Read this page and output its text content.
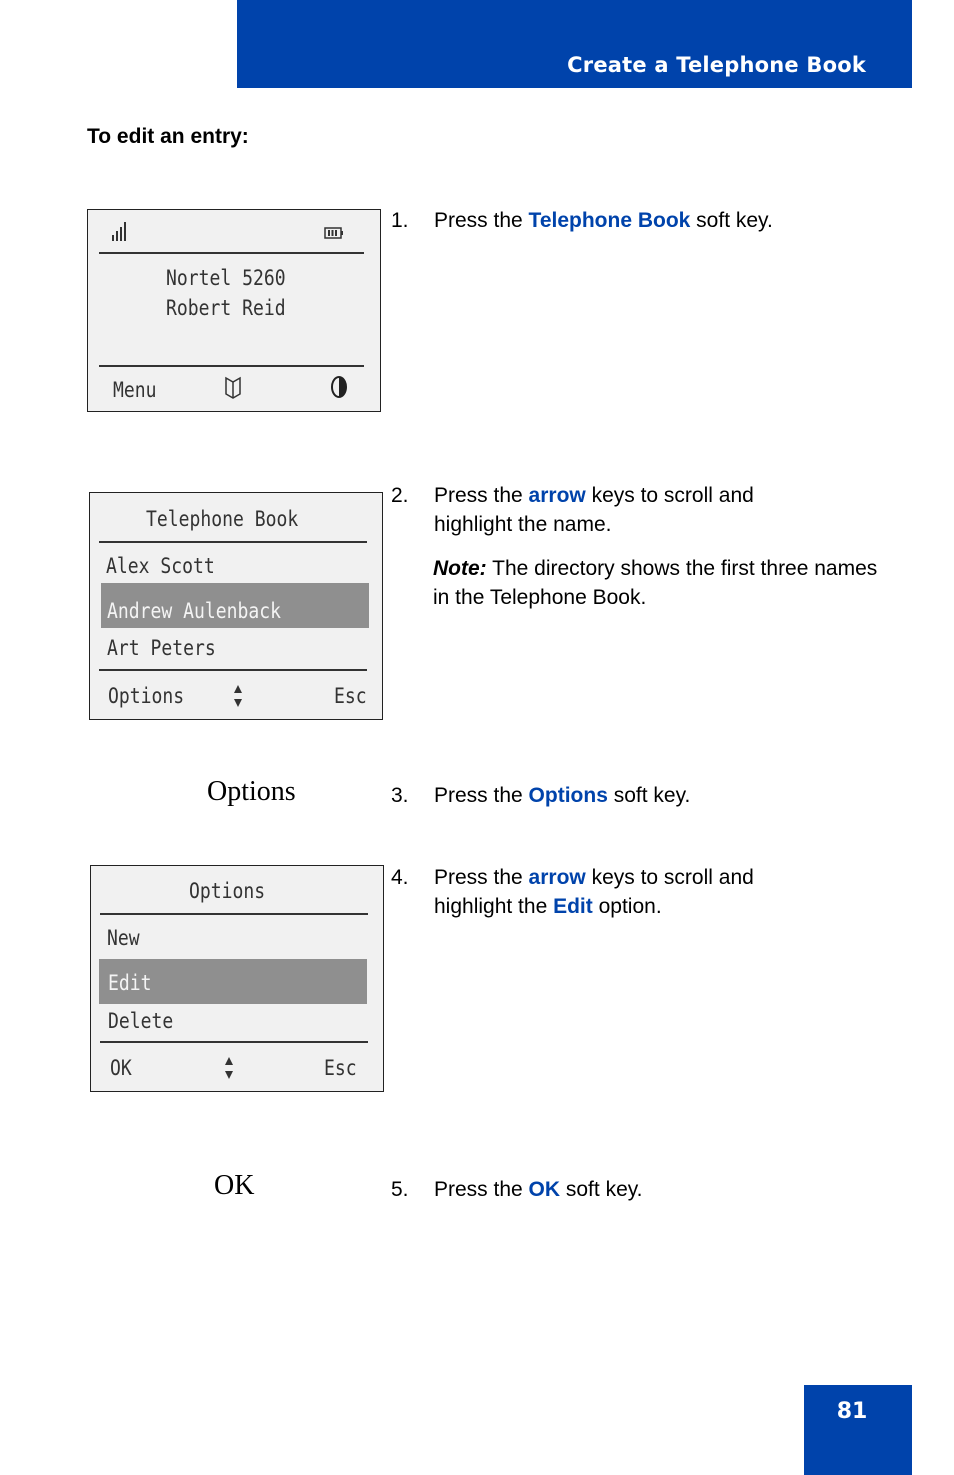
Create a Telephone Book
To edit an entry:
Nortel 5260
Robert Reid
Menu
1. Press the Telephone Book soft key.
Telephone Book
Alex Scott
Andrew Aulenback
Art Peters
Options	Esc
2. Press the arrow keys to scroll and highlight the name.
Note: The directory shows the first three names in the Telephone Book.
Options	3. Press the Options soft key.
Options
New
Edit
Delete
OK	Esc
4. Press the arrow keys to scroll and highlight the Edit option.
OK	5. Press the OK soft key.
81
